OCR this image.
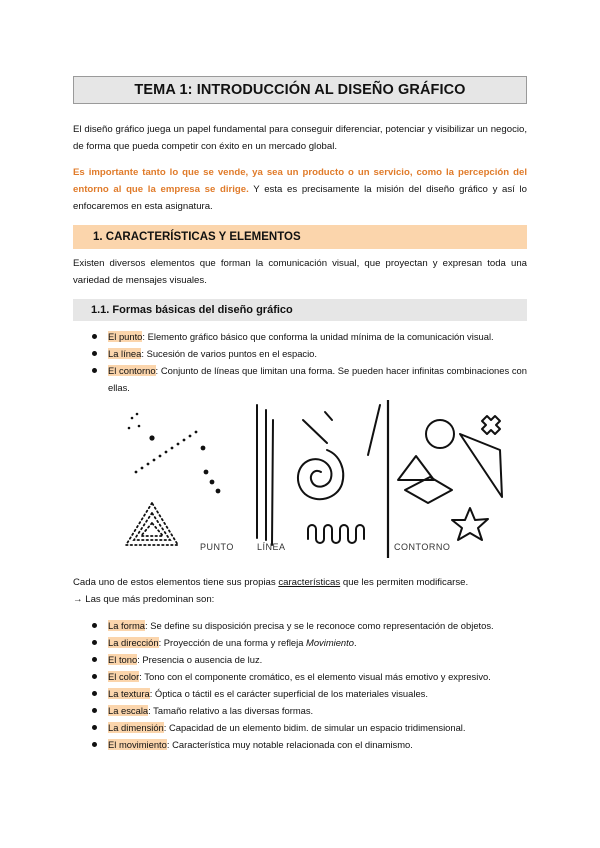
TEMA 1: INTRODUCCIÓN AL DISEÑO GRÁFICO
El diseño gráfico juega un papel fundamental para conseguir diferenciar, potenciar y visibilizar un negocio, de forma que pueda competir con éxito en un mercado global.
Es importante tanto lo que se vende, ya sea un producto o un servicio, como la percepción del entorno al que la empresa se dirige. Y esta es precisamente la misión del diseño gráfico y así lo enfocaremos en esta asignatura.
1. CARACTERÍSTICAS Y ELEMENTOS
Existen diversos elementos que forman la comunicación visual, que proyectan y expresan toda una variedad de mensajes visuales.
1.1. Formas básicas del diseño gráfico
El punto: Elemento gráfico básico que conforma la unidad mínima de la comunicación visual.
La línea: Sucesión de varios puntos en el espacio.
El contorno: Conjunto de líneas que limitan una forma. Se pueden hacer infinitas combinaciones con ellas.
PUNTO	LÍNEA	CONTORNO
Cada uno de estos elementos tiene sus propias características que les permiten modificarse.
→ Las que más predominan son:
La forma: Se define su disposición precisa y se le reconoce como representación de objetos.
La dirección: Proyección de una forma y refleja Movimiento.
El tono: Presencia o ausencia de luz.
El color: Tono con el componente cromático, es el elemento visual más emotivo y expresivo.
La textura: Óptica o táctil es el carácter superficial de los materiales visuales.
La escala: Tamaño relativo a las diversas formas.
La dimensión: Capacidad de un elemento bidim. de simular un espacio tridimensional.
El movimiento: Característica muy notable relacionada con el dinamismo.
